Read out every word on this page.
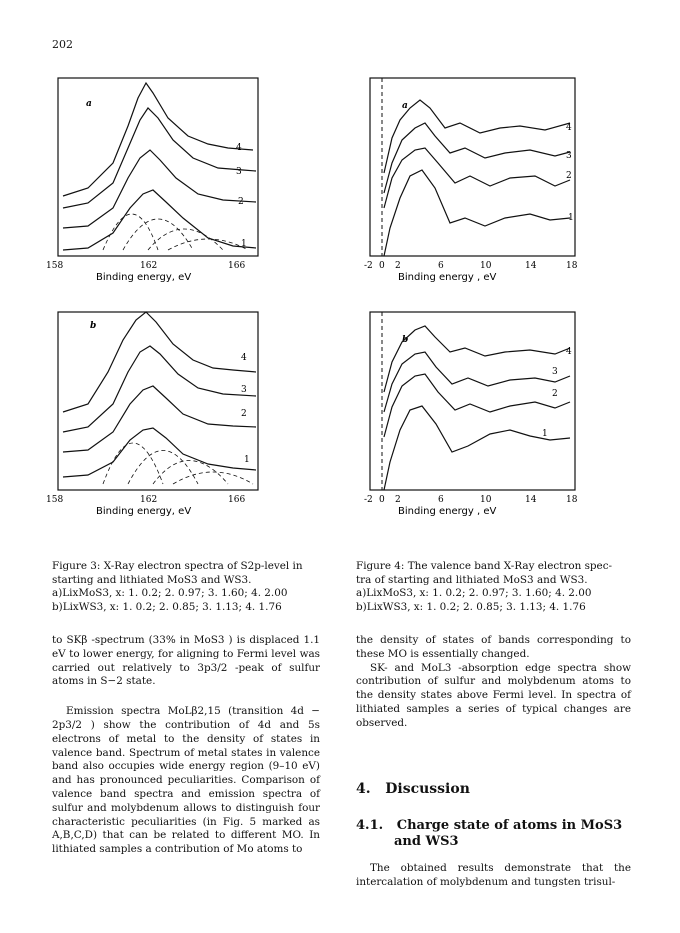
202
a
4
3
2
1
158	162	166
Binding energy, eV
a
4
3
2
1
-2 0 2	6	10	14	18
Binding energy , eV
b
4
3
2
1
158	162	166
Binding energy, eV
b
4
3
2
1
-2 0 2	6	10	14	18
Binding energy , eV
Figure 3: X-Ray electron spectra of S2p-level in
starting and lithiated MoS3 and WS3.
a)LixMoS3, x: 1. 0.2; 2. 0.97; 3. 1.60; 4. 2.00
b)LixWS3, x: 1. 0.2; 2. 0.85; 3. 1.13; 4. 1.76
Figure 4: The valence band X-Ray electron spec-
tra of starting and lithiated MoS3 and WS3.
a)LixMoS3, x: 1. 0.2; 2. 0.97; 3. 1.60; 4. 2.00
b)LixWS3, x: 1. 0.2; 2. 0.85; 3. 1.13; 4. 1.76

to SKβ -spectrum (33% in MoS3 ) is displaced 1.1 eV to lower energy, for aligning to Fermi level was carried out relatively to 3p3/2 -peak of sulfur atoms in S−2 state.

Emission spectra MoLβ2,15 (transition 4d − 2p3/2 ) show the contribution of 4d and 5s electrons of metal to the density of states in valence band. Spectrum of metal states in valence band also occupies wide energy region (9–10 eV) and has pronounced peculiarities. Comparison of valence band spectra and emission spectra of sulfur and molybdenum allows to distinguish four characteristic peculiarities (in Fig. 5 marked as A,B,C,D) that can be related to different MO. In lithiated samples a contribution of Mo atoms to

the density of states of bands corresponding to these MO is essentially changed.

SK- and MoL3 -absorption edge spectra show contribution of sulfur and molybdenum atoms to the density states above Fermi level. In spectra of lithiated samples a series of typical changes are observed.

4. Discussion
4.1. Charge state of atoms in MoS3
and WS3

The obtained results demonstrate that the intercalation of molybdenum and tungsten trisul-
